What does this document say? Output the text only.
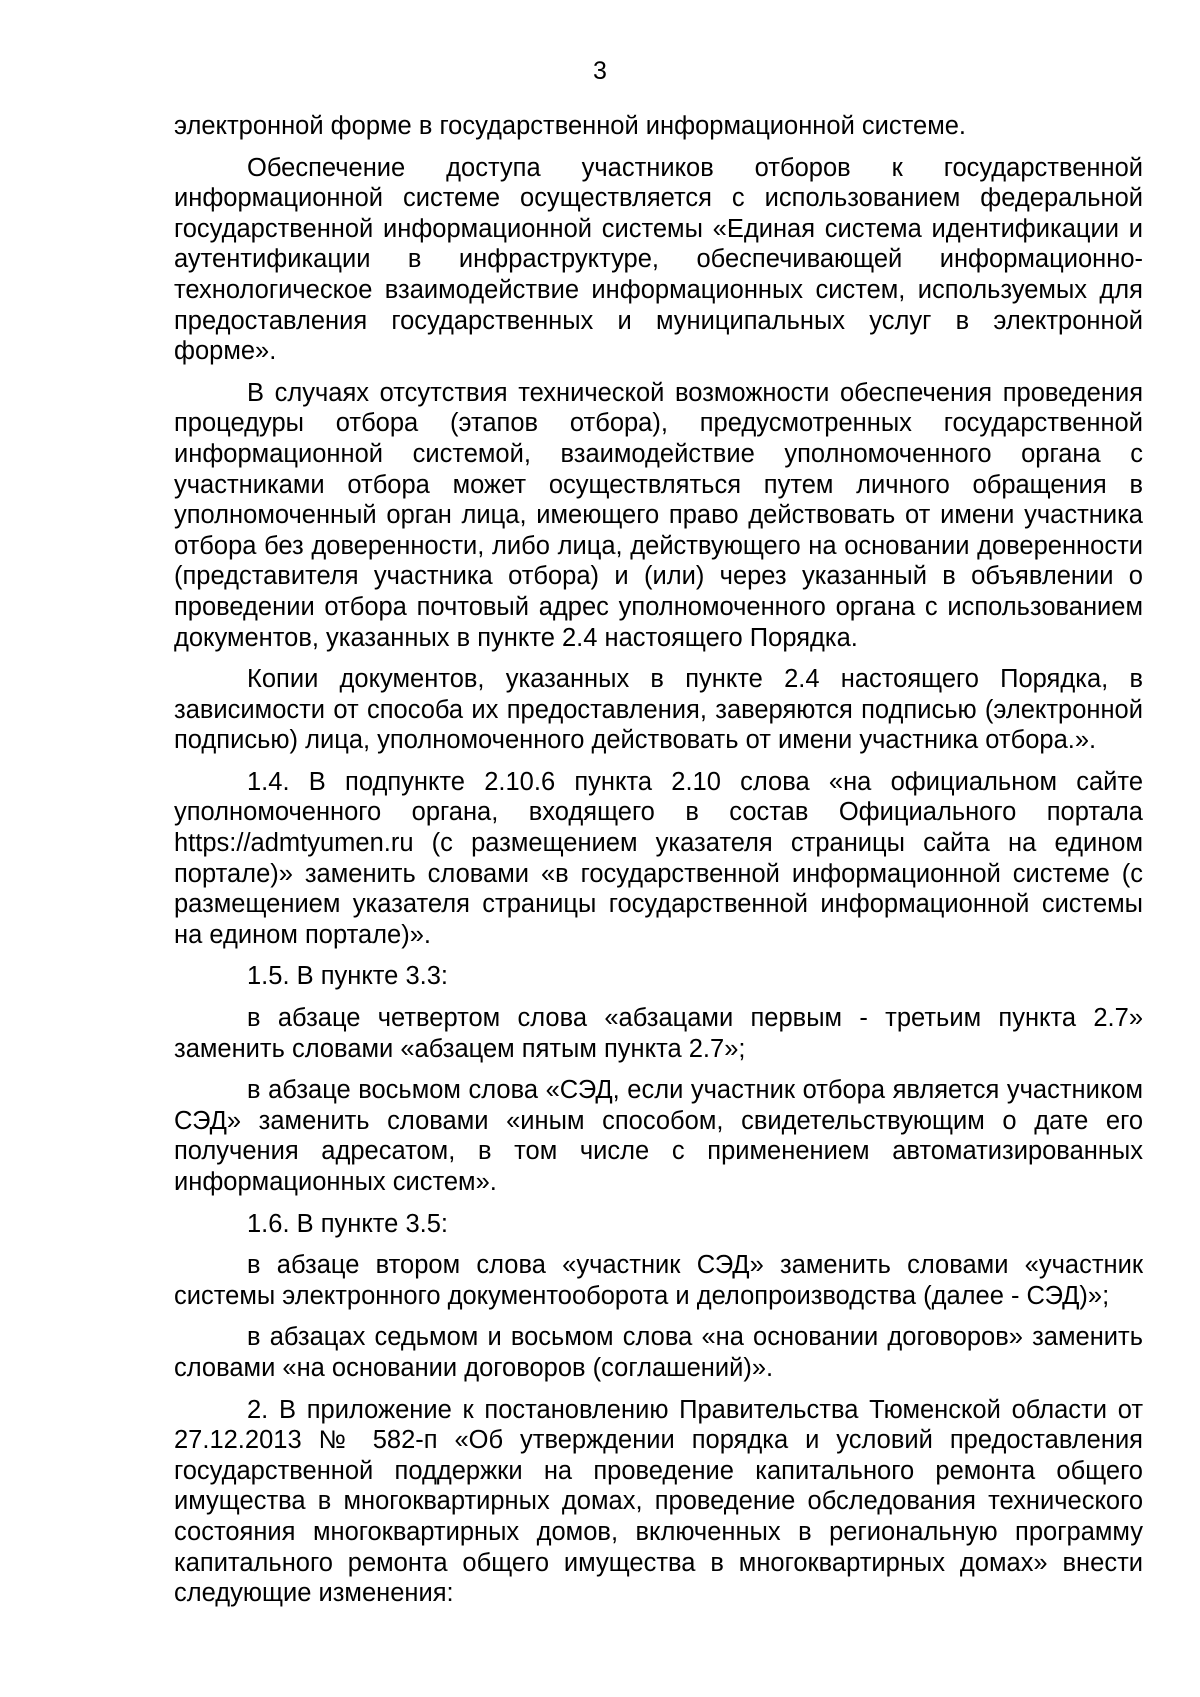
3

электронной форме в государственной информационной системе.

Обеспечение доступа участников отборов к государственной информационной системе осуществляется с использованием федеральной государственной информационной системы «Единая система идентификации и аутентификации в инфраструктуре, обеспечивающей информационно-технологическое взаимодействие информационных систем, используемых для предоставления государственных и муниципальных услуг в электронной форме».

В случаях отсутствия технической возможности обеспечения проведения процедуры отбора (этапов отбора), предусмотренных государственной информационной системой, взаимодействие уполномоченного органа с участниками отбора может осуществляться путем личного обращения в уполномоченный орган лица, имеющего право действовать от имени участника отбора без доверенности, либо лица, действующего на основании доверенности (представителя участника отбора) и (или) через указанный в объявлении о проведении отбора почтовый адрес уполномоченного органа с использованием документов, указанных в пункте 2.4 настоящего Порядка.

Копии документов, указанных в пункте 2.4 настоящего Порядка, в зависимости от способа их предоставления, заверяются подписью (электронной подписью) лица, уполномоченного действовать от имени участника отбора.».

1.4. В подпункте 2.10.6 пункта 2.10 слова «на официальном сайте уполномоченного органа, входящего в состав Официального портала https://admtyumen.ru (с размещением указателя страницы сайта на едином портале)» заменить словами «в государственной информационной системе (с размещением указателя страницы государственной информационной системы на едином портале)».

1.5. В пункте 3.3:

в абзаце четвертом слова «абзацами первым - третьим пункта 2.7» заменить словами «абзацем пятым пункта 2.7»;

в абзаце восьмом слова «СЭД, если участник отбора является участником СЭД» заменить словами «иным способом, свидетельствующим о дате его получения адресатом, в том числе с применением автоматизированных информационных систем».

1.6. В пункте 3.5:

в абзаце втором слова «участник СЭД» заменить словами «участник системы электронного документооборота и делопроизводства (далее - СЭД)»;

в абзацах седьмом и восьмом слова «на основании договоров» заменить словами «на основании договоров (соглашений)».

2. В приложение к постановлению Правительства Тюменской области от 27.12.2013 № 582-п «Об утверждении порядка и условий предоставления государственной поддержки на проведение капитального ремонта общего имущества в многоквартирных домах, проведение обследования технического состояния многоквартирных домов, включенных в региональную программу капитального ремонта общего имущества в многоквартирных домах» внести следующие изменения:
